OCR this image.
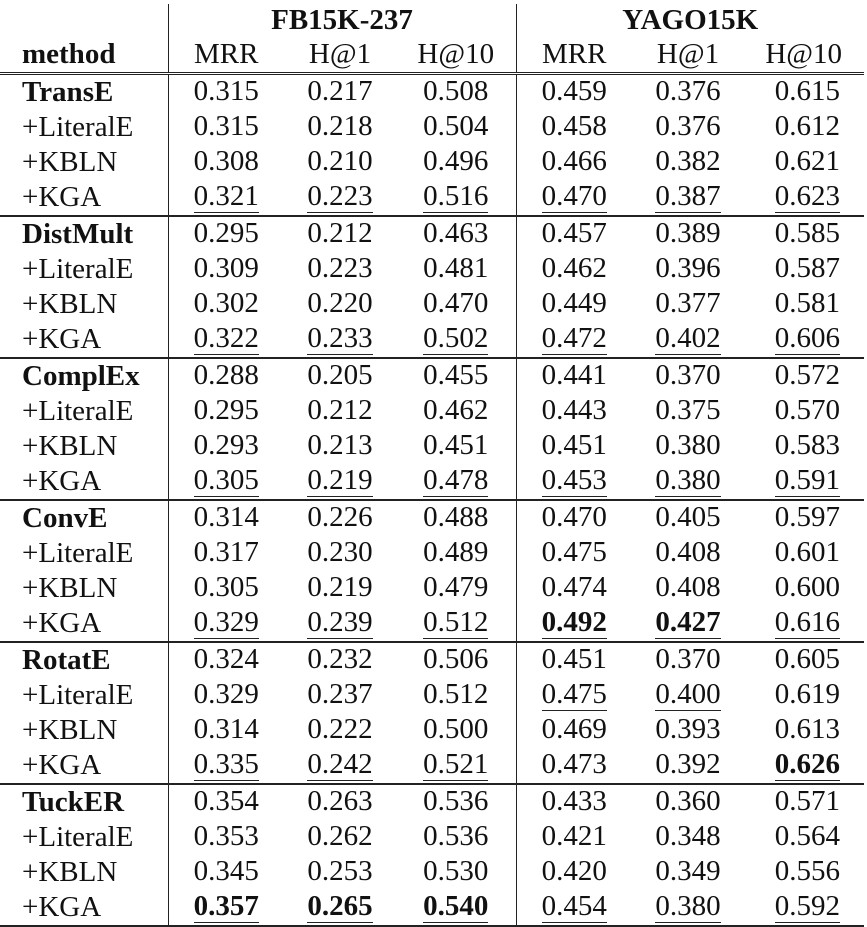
	FB15K-237			YAGO15K		
method	MRR	H@1	H@10	MRR	H@1	H@10
TransE	0.315	0.217	0.508	0.459	0.376	0.615
+LiteralE	0.315	0.218	0.504	0.458	0.376	0.612
+KBLN	0.308	0.210	0.496	0.466	0.382	0.621
+KGA	0.321	0.223	0.516	0.470	0.387	0.623
DistMult	0.295	0.212	0.463	0.457	0.389	0.585
+LiteralE	0.309	0.223	0.481	0.462	0.396	0.587
+KBLN	0.302	0.220	0.470	0.449	0.377	0.581
+KGA	0.322	0.233	0.502	0.472	0.402	0.606
ComplEx	0.288	0.205	0.455	0.441	0.370	0.572
+LiteralE	0.295	0.212	0.462	0.443	0.375	0.570
+KBLN	0.293	0.213	0.451	0.451	0.380	0.583
+KGA	0.305	0.219	0.478	0.453	0.380	0.591
ConvE	0.314	0.226	0.488	0.470	0.405	0.597
+LiteralE	0.317	0.230	0.489	0.475	0.408	0.601
+KBLN	0.305	0.219	0.479	0.474	0.408	0.600
+KGA	0.329	0.239	0.512	0.492	0.427	0.616
RotatE	0.324	0.232	0.506	0.451	0.370	0.605
+LiteralE	0.329	0.237	0.512	0.475	0.400	0.619
+KBLN	0.314	0.222	0.500	0.469	0.393	0.613
+KGA	0.335	0.242	0.521	0.473	0.392	0.626
TuckER	0.354	0.263	0.536	0.433	0.360	0.571
+LiteralE	0.353	0.262	0.536	0.421	0.348	0.564
+KBLN	0.345	0.253	0.530	0.420	0.349	0.556
+KGA	0.357	0.265	0.540	0.454	0.380	0.592
